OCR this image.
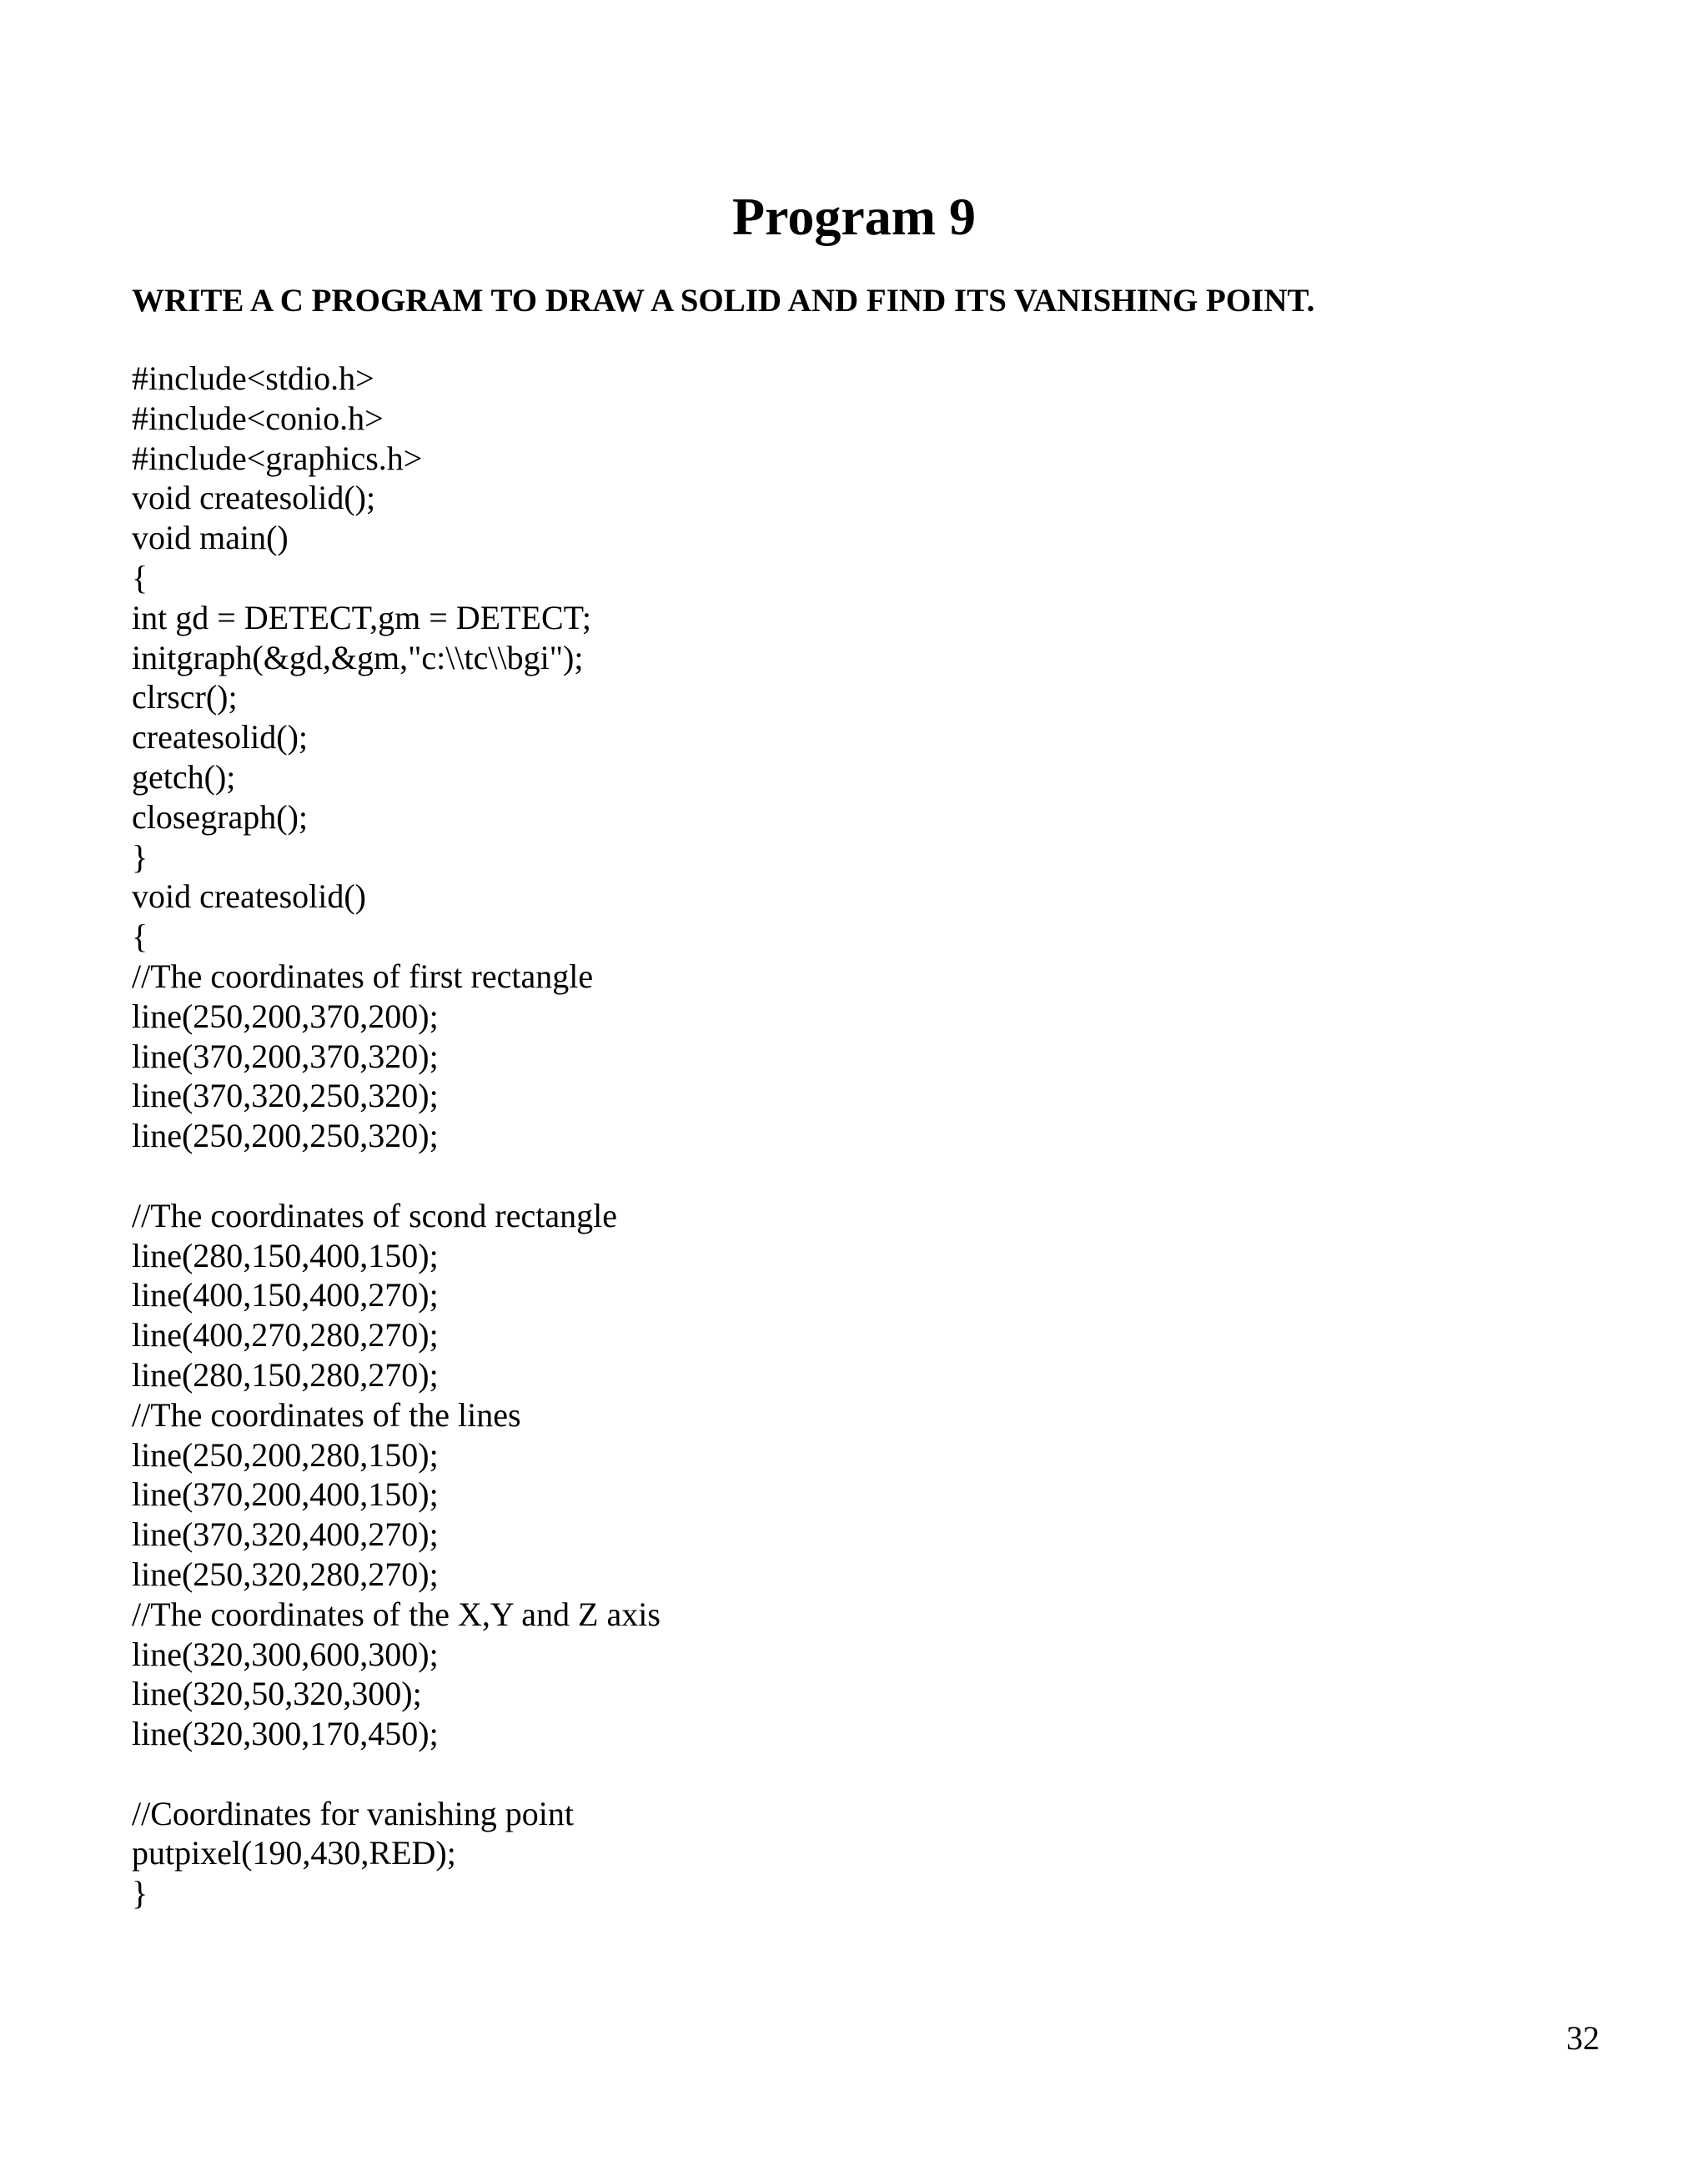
Program 9
WRITE A C PROGRAM TO DRAW A SOLID AND FIND ITS VANISHING POINT.
#include<stdio.h>
#include<conio.h>
#include<graphics.h>
void createsolid();
void main()
{
int gd = DETECT,gm = DETECT;
initgraph(&gd,&gm,"c:\\tc\\bgi");
clrscr();
createsolid();
getch();
closegraph();
}
void createsolid()
{
//The coordinates of first rectangle
line(250,200,370,200);
line(370,200,370,320);
line(370,320,250,320);
line(250,200,250,320);
//The coordinates of scond rectangle
line(280,150,400,150);
line(400,150,400,270);
line(400,270,280,270);
line(280,150,280,270);
//The coordinates of the lines
line(250,200,280,150);
line(370,200,400,150);
line(370,320,400,270);
line(250,320,280,270);
//The coordinates of the X,Y and Z axis
line(320,300,600,300);
line(320,50,320,300);
line(320,300,170,450);
//Coordinates for vanishing point
putpixel(190,430,RED);
}
32
